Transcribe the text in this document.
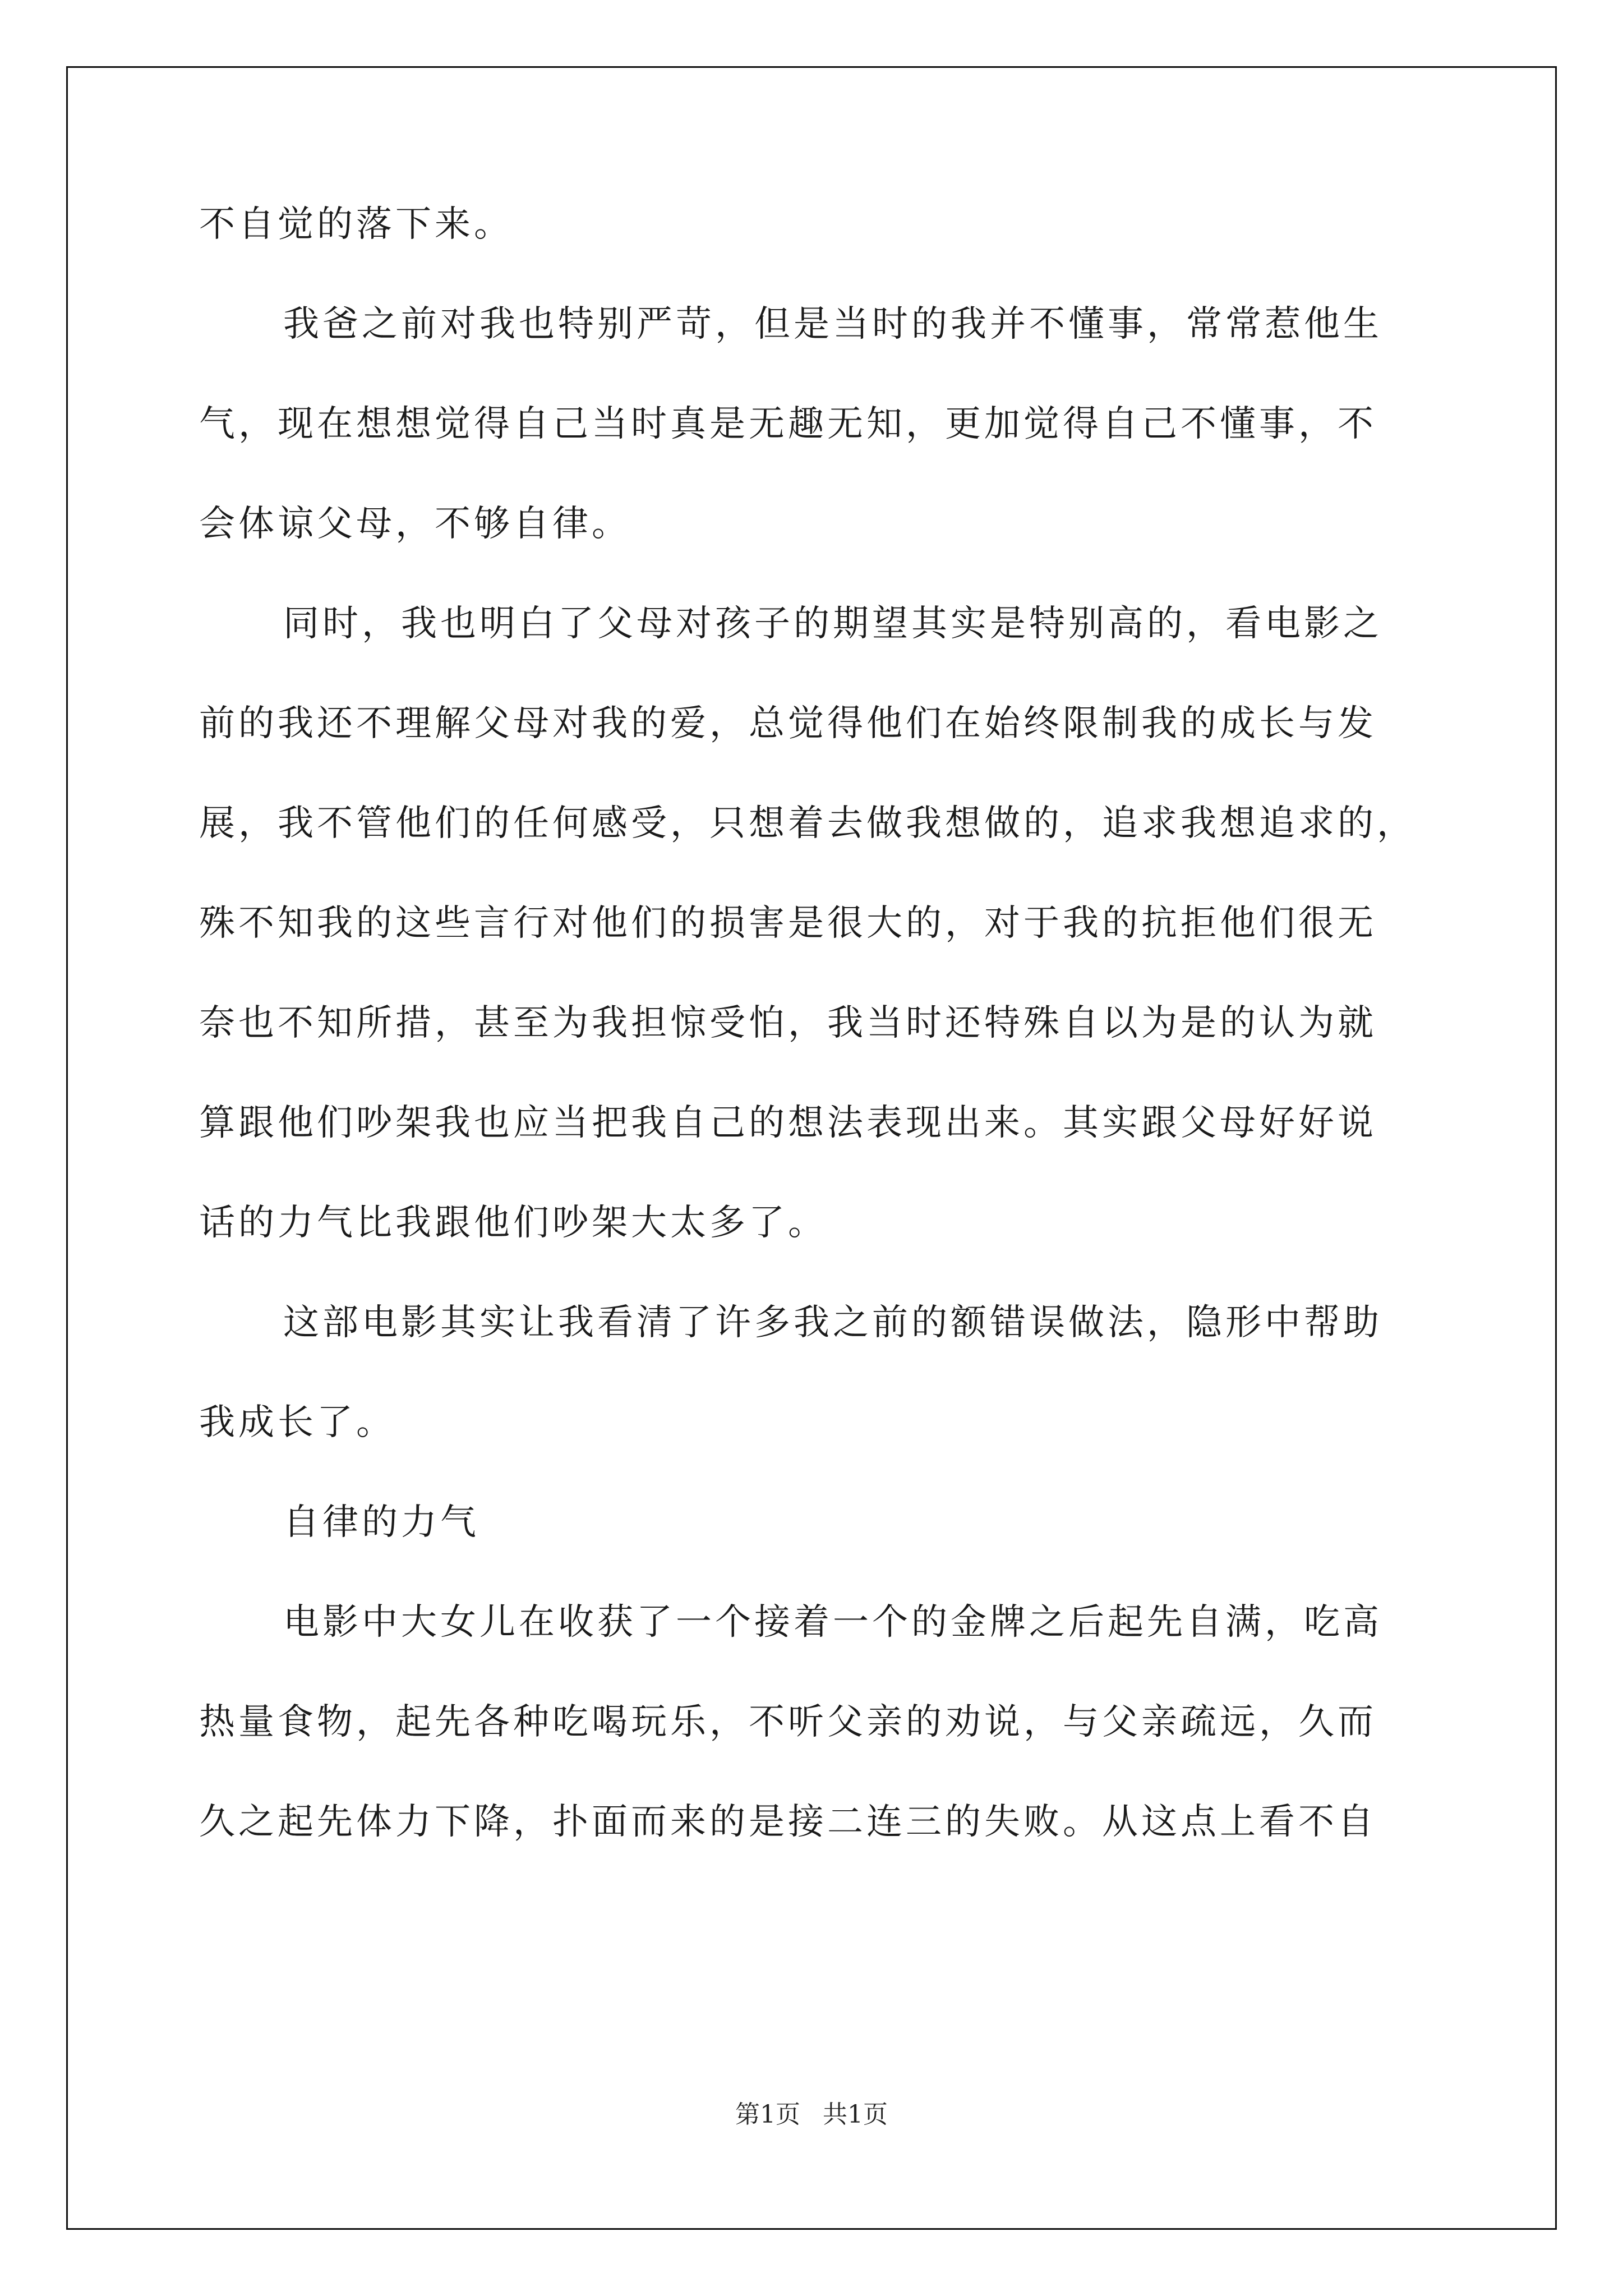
不自觉的落下来。
我爸之前对我也特别严苛，但是当时的我并不懂事，常常惹他生
气，现在想想觉得自己当时真是无趣无知，更加觉得自己不懂事，不
会体谅父母，不够自律。
同时，我也明白了父母对孩子的期望其实是特别高的，看电影之
前的我还不理解父母对我的爱，总觉得他们在始终限制我的成长与发
展，我不管他们的任何感受，只想着去做我想做的，追求我想追求的，
殊不知我的这些言行对他们的损害是很大的，对于我的抗拒他们很无
奈也不知所措，甚至为我担惊受怕，我当时还特殊自以为是的认为就
算跟他们吵架我也应当把我自己的想法表现出来。其实跟父母好好说
话的力气比我跟他们吵架大太多了。
这部电影其实让我看清了许多我之前的额错误做法，隐形中帮助
我成长了。
自律的力气
电影中大女儿在收获了一个接着一个的金牌之后起先自满，吃高
热量食物，起先各种吃喝玩乐，不听父亲的劝说，与父亲疏远，久而
久之起先体力下降，扑面而来的是接二连三的失败。从这点上看不自
第1页 共1页
